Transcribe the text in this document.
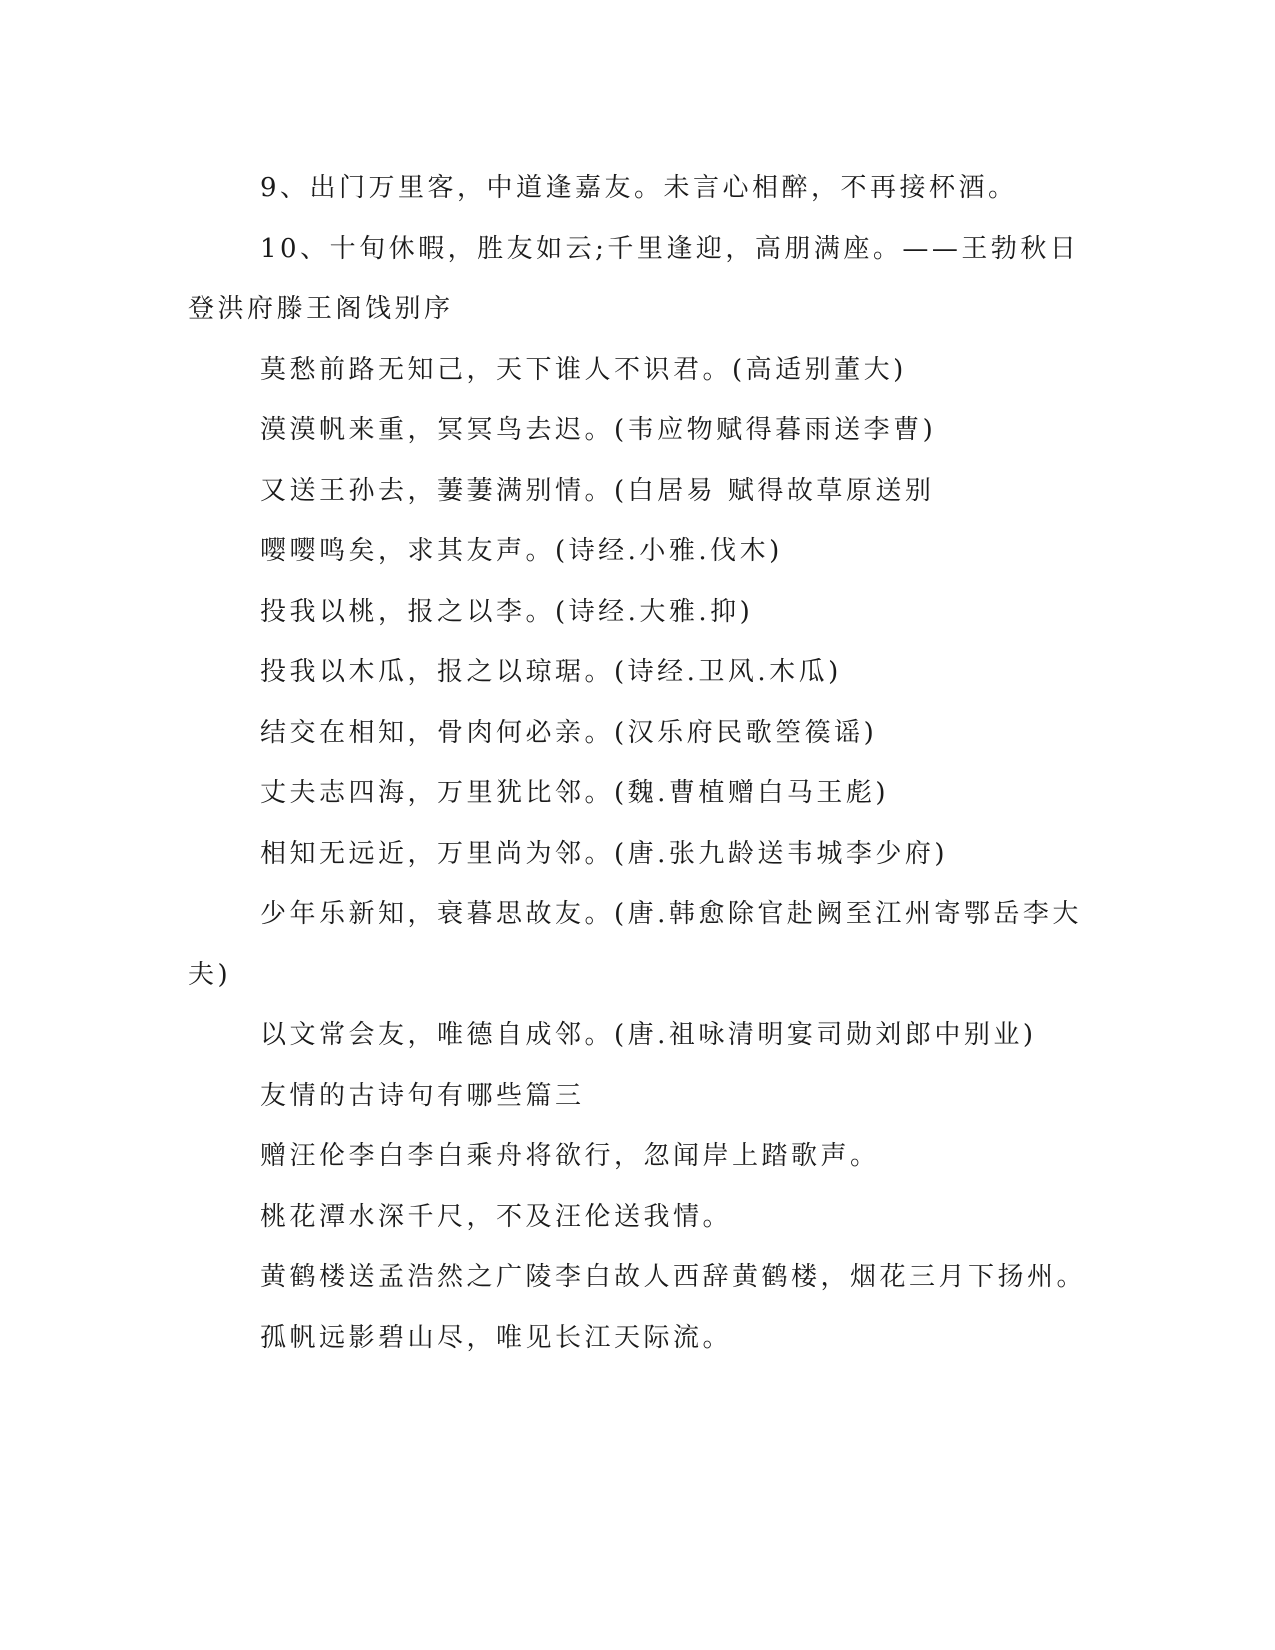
9、出门万里客，中道逢嘉友。未言心相醉，不再接杯酒。

10、十旬休暇，胜友如云;千里逢迎，高朋满座。——王勃秋日登洪府滕王阁饯别序

莫愁前路无知己，天下谁人不识君。(高适别董大)

漠漠帆来重，冥冥鸟去迟。(韦应物赋得暮雨送李曹)

又送王孙去，萋萋满别情。(白居易 赋得故草原送别

嘤嘤鸣矣，求其友声。(诗经.小雅.伐木)

投我以桃，报之以李。(诗经.大雅.抑)

投我以木瓜，报之以琼琚。(诗经.卫风.木瓜)

结交在相知，骨肉何必亲。(汉乐府民歌箜篌谣)

丈夫志四海，万里犹比邻。(魏.曹植赠白马王彪)

相知无远近，万里尚为邻。(唐.张九龄送韦城李少府)

少年乐新知，衰暮思故友。(唐.韩愈除官赴阙至江州寄鄂岳李大夫)

以文常会友，唯德自成邻。(唐.祖咏清明宴司勋刘郎中别业)

友情的古诗句有哪些篇三

赠汪伦李白李白乘舟将欲行，忽闻岸上踏歌声。

桃花潭水深千尺，不及汪伦送我情。

黄鹤楼送孟浩然之广陵李白故人西辞黄鹤楼，烟花三月下扬州。

孤帆远影碧山尽，唯见长江天际流。
